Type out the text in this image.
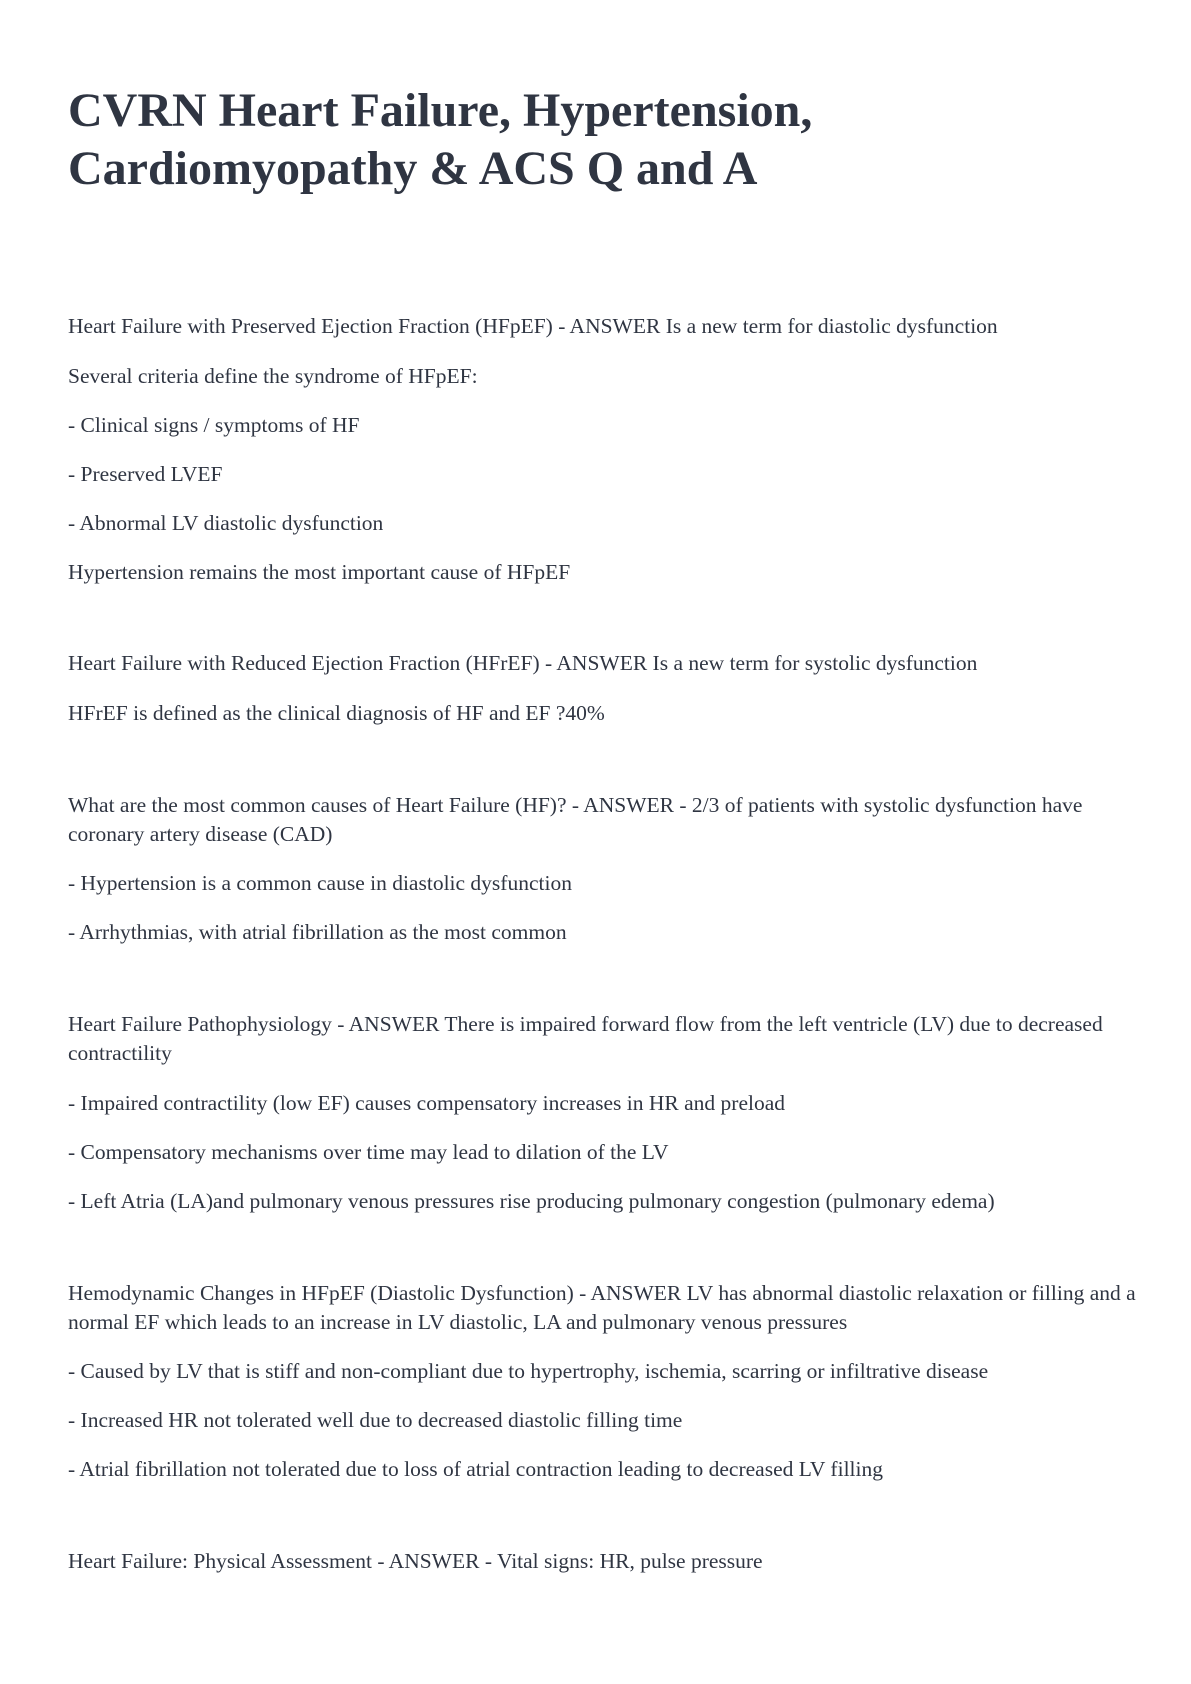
CVRN Heart Failure, Hypertension, Cardiomyopathy & ACS Q and A

Heart Failure with Preserved Ejection Fraction (HFpEF) - ANSWER Is a new term for diastolic dysfunction

Several criteria define the syndrome of HFpEF:

- Clinical signs / symptoms of HF

- Preserved LVEF

- Abnormal LV diastolic dysfunction

Hypertension remains the most important cause of HFpEF

Heart Failure with Reduced Ejection Fraction (HFrEF) - ANSWER Is a new term for systolic dysfunction

HFrEF is defined as the clinical diagnosis of HF and EF ?40%

What are the most common causes of Heart Failure (HF)? - ANSWER - 2/3 of patients with systolic dysfunction have coronary artery disease (CAD)

- Hypertension is a common cause in diastolic dysfunction

- Arrhythmias, with atrial fibrillation as the most common

Heart Failure Pathophysiology - ANSWER There is impaired forward flow from the left ventricle (LV) due to decreased contractility

- Impaired contractility (low EF) causes compensatory increases in HR and preload

- Compensatory mechanisms over time may lead to dilation of the LV

- Left Atria (LA)and pulmonary venous pressures rise producing pulmonary congestion (pulmonary edema)

Hemodynamic Changes in HFpEF (Diastolic Dysfunction) - ANSWER LV has abnormal diastolic relaxation or filling and a normal EF which leads to an increase in LV diastolic, LA and pulmonary venous pressures

- Caused by LV that is stiff and non-compliant due to hypertrophy, ischemia, scarring or infiltrative disease

- Increased HR not tolerated well due to decreased diastolic filling time

- Atrial fibrillation not tolerated due to loss of atrial contraction leading to decreased LV filling

Heart Failure: Physical Assessment - ANSWER - Vital signs: HR, pulse pressure
